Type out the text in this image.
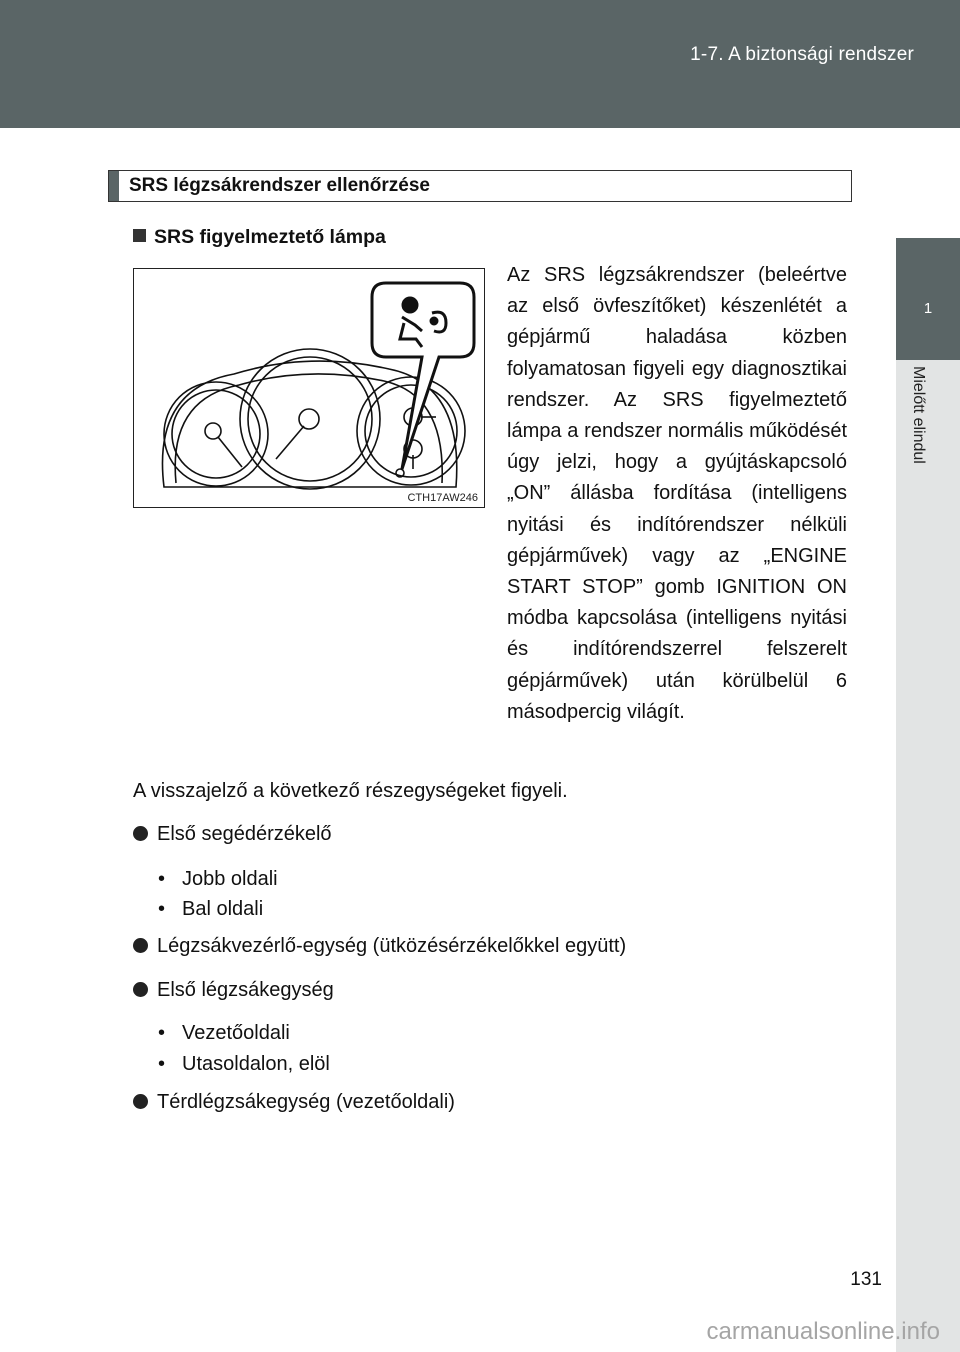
1-7. A biztonsági rendszer
1
Mielőtt elindul
SRS légzsákrendszer ellenőrzése
SRS figyelmeztető lámpa
CTH17AW246
Az SRS légzsákrendszer (beleértve az első övfeszítőket) készenlétét a gépjármű haladása közben folyamatosan figyeli egy diagnosztikai rendszer. Az SRS figyelmeztető lámpa a rendszer normális működését úgy jelzi, hogy a gyújtáskapcsoló „ON” állásba fordítása (intelligens nyitási és indítórendszer nélküli gépjárművek) vagy az „ENGINE START STOP” gomb IGNITION ON módba kapcsolása (intelligens nyitási és indítórendszerrel felszerelt gépjárművek) után körülbelül 6 másodpercig világít.
A visszajelző a következő részegységeket figyeli.
Első segédérzékelő
• Jobb oldali
• Bal oldali
Légzsákvezérlő-egység (ütközésérzékelőkkel együtt)
Első légzsákegység
• Vezetőoldali
• Utasoldalon, elöl
Térdlégzsákegység (vezetőoldali)
131
carmanualsonline.info
